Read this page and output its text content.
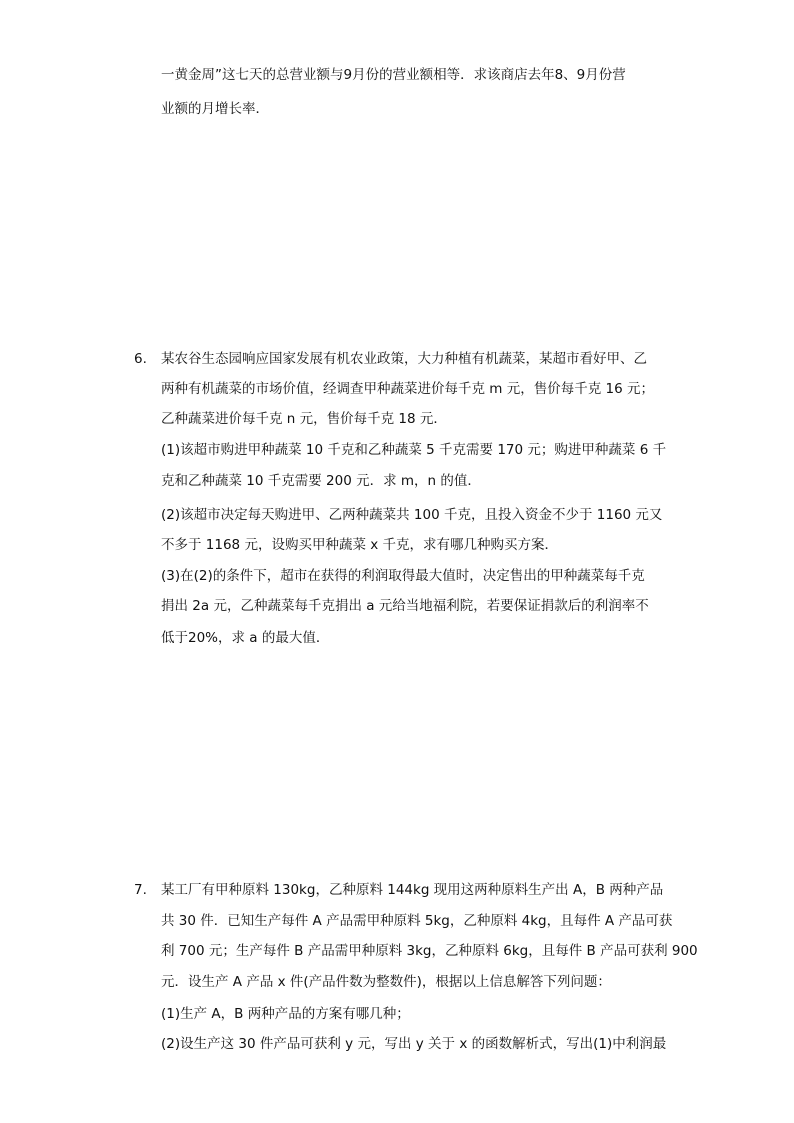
一黄金周”这七天的总营业额与9月份的营业额相等．求该商店去年8、9月份营
业额的月增长率．
6. 某农谷生态园响应国家发展有机农业政策，大力种植有机蔬菜，某超市看好甲、乙
两种有机蔬菜的市场价值，经调查甲种蔬菜进价每千克 m 元，售价每千克 16 元；
乙种蔬菜进价每千克 n 元，售价每千克 18 元．
(1)该超市购进甲种蔬菜 10 千克和乙种蔬菜 5 千克需要 170 元；购进甲种蔬菜 6 千
克和乙种蔬菜 10 千克需要 200 元．求 m，n 的值．
(2)该超市决定每天购进甲、乙两种蔬菜共 100 千克，且投入资金不少于 1160 元又
不多于 1168 元，设购买甲种蔬菜 x 千克，求有哪几种购买方案．
(3)在(2)的条件下，超市在获得的利润取得最大值时，决定售出的甲种蔬菜每千克
捐出 2a 元，乙种蔬菜每千克捐出 a 元给当地福利院，若要保证捐款后的利润率不
低于20%，求 a 的最大值．
7. 某工厂有甲种原料 130kg，乙种原料 144kg 现用这两种原料生产出 A，B 两种产品
共 30 件．已知生产每件 A 产品需甲种原料 5kg，乙种原料 4kg，且每件 A 产品可获
利 700 元；生产每件 B 产品需甲种原料 3kg，乙种原料 6kg，且每件 B 产品可获利 900
元．设生产 A 产品 x 件(产品件数为整数件)，根据以上信息解答下列问题：
(1)生产 A，B 两种产品的方案有哪几种；
(2)设生产这 30 件产品可获利 y 元，写出 y 关于 x 的函数解析式，写出(1)中利润最
